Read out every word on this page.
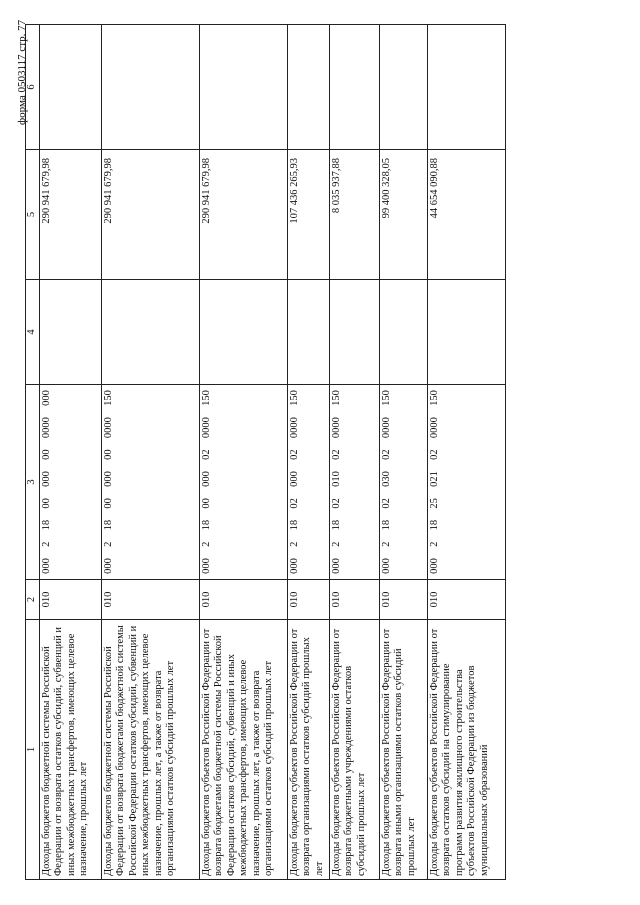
форма 0503117 стр. 77
1	2	3	4	5	6
Доходы бюджетов бюджетной системы Российской Федерации от возврата остатков субсидий, субвенций и иных межбюджетных трансфертов, имеющих целевое назначение, прошлых лет	010	000  2  18  00  000  00  0000  000		290 941 679,98	
Доходы бюджетов бюджетной системы Российской Федерации от возврата бюджетами бюджетной системы Российской Федерации остатков субсидий, субвенций и иных межбюджетных трансфертов, имеющих целевое назначение, прошлых лет, а также от возврата организациями остатков субсидий прошлых лет	010	000  2  18  00  000  00  0000  150		290 941 679,98	
Доходы бюджетов субъектов Российской Федерации от возврата бюджетами бюджетной системы Российской Федерации остатков субсидий, субвенций и иных межбюджетных трансфертов, имеющих целевое назначение, прошлых лет, а также от возврата организациями остатков субсидий прошлых лет	010	000  2  18  00  000  02  0000  150		290 941 679,98	
Доходы бюджетов субъектов Российской Федерации от возврата организациями остатков субсидий прошлых лет	010	000  2  18  02  000  02  0000  150		107 436 265,93	
Доходы бюджетов субъектов Российской Федерации от возврата бюджетными учреждениями остатков субсидий прошлых лет	010	000  2  18  02  010  02  0000  150		8 035 937,88	
Доходы бюджетов субъектов Российской Федерации от возврата иными организациями остатков субсидий прошлых лет	010	000  2  18  02  030  02  0000  150		99 400 328,05	
Доходы бюджетов субъектов Российской Федерации от возврата остатков субсидий на стимулирование программ развития жилищного строительства субъектов Российской Федерации из бюджетов муниципальных образований	010	000  2  18  25  021  02  0000  150		44 654 090,88	
